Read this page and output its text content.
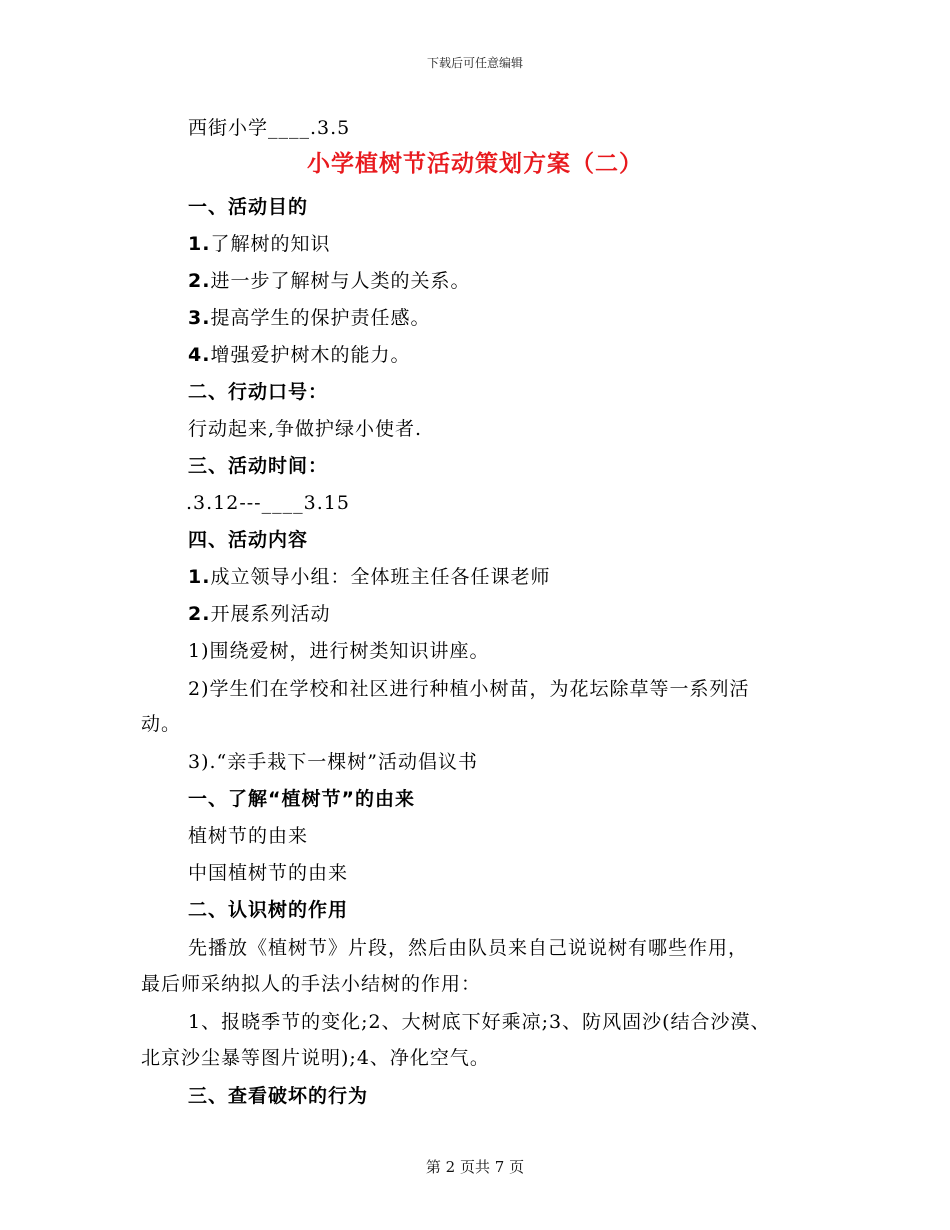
下载后可任意编辑
西街小学____.3.5
小学植树节活动策划方案（二）
一、活动目的
1.了解树的知识
2.进一步了解树与人类的关系。
3.提高学生的保护责任感。
4.增强爱护树木的能力。
二、行动口号：
行动起来,争做护绿小使者.
三、活动时间：
.3.12---____3.15
四、活动内容
1.成立领导小组：全体班主任各任课老师
2.开展系列活动
1)围绕爱树，进行树类知识讲座。
2)学生们在学校和社区进行种植小树苗，为花坛除草等一系列活
动。
3).“亲手栽下一棵树”活动倡议书
一、了解“植树节”的由来
植树节的由来
中国植树节的由来
二、认识树的作用
先播放《植树节》片段，然后由队员来自己说说树有哪些作用，
最后师采纳拟人的手法小结树的作用：
1、报晓季节的变化;2、大树底下好乘凉;3、防风固沙(结合沙漠、
北京沙尘暴等图片说明);4、净化空气。
三、查看破坏的行为
第 2 页共 7 页
